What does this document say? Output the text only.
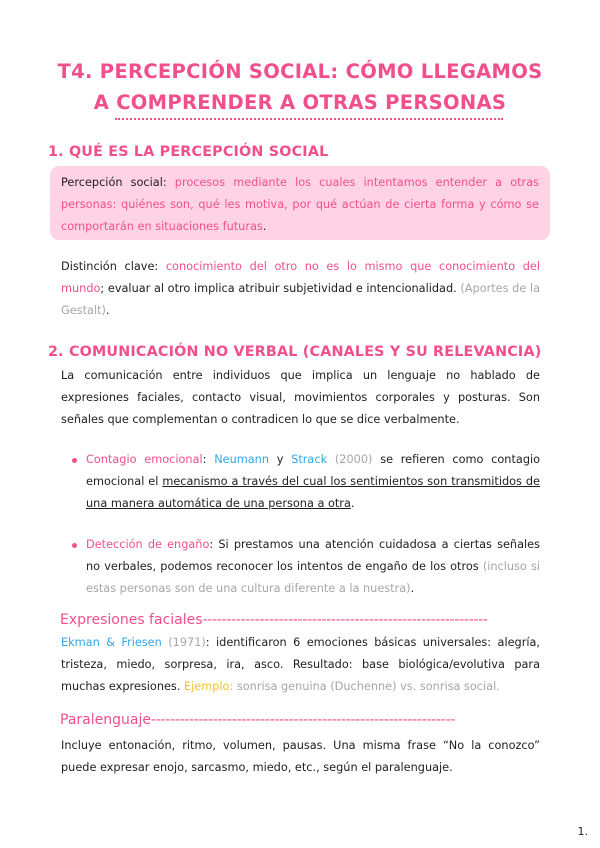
T4. PERCEPCIÓN SOCIAL: CÓMO LLEGAMOS
A COMPRENDER A OTRAS PERSONAS
1. QUÉ ES LA PERCEPCIÓN SOCIAL
Percepción social: procesos mediante los cuales intentamos entender a otras personas: quiénes son, qué les motiva, por qué actúan de cierta forma y cómo se comportarán en situaciones futuras.
Distinción clave: conocimiento del otro no es lo mismo que conocimiento del mundo; evaluar al otro implica atribuir subjetividad e intencionalidad. (Aportes de la Gestalt).
2. COMUNICACIÓN NO VERBAL (CANALES Y SU RELEVANCIA)
La comunicación entre individuos que implica un lenguaje no hablado de expresiones faciales, contacto visual, movimientos corporales y posturas. Son señales que complementan o contradicen lo que se dice verbalmente.
Contagio emocional: Neumann y Strack (2000) se refieren como contagio emocional el mecanismo a través del cual los sentimientos son transmitidos de una manera automática de una persona a otra.
Detección de engaño: Si prestamos una atención cuidadosa a ciertas señales no verbales, podemos reconocer los intentos de engaño de los otros (incluso si estas personas son de una cultura diferente a la nuestra).
Expresiones faciales------------------------------------------------------------
Ekman & Friesen (1971): identificaron 6 emociones básicas universales: alegría, tristeza, miedo, sorpresa, ira, asco. Resultado: base biológica/evolutiva para muchas expresiones. Ejemplo: sonrisa genuina (Duchenne) vs. sonrisa social.
Paralenguaje----------------------------------------------------------------
Incluye entonación, ritmo, volumen, pausas. Una misma frase “No la conozco” puede expresar enojo, sarcasmo, miedo, etc., según el paralenguaje.
1.
